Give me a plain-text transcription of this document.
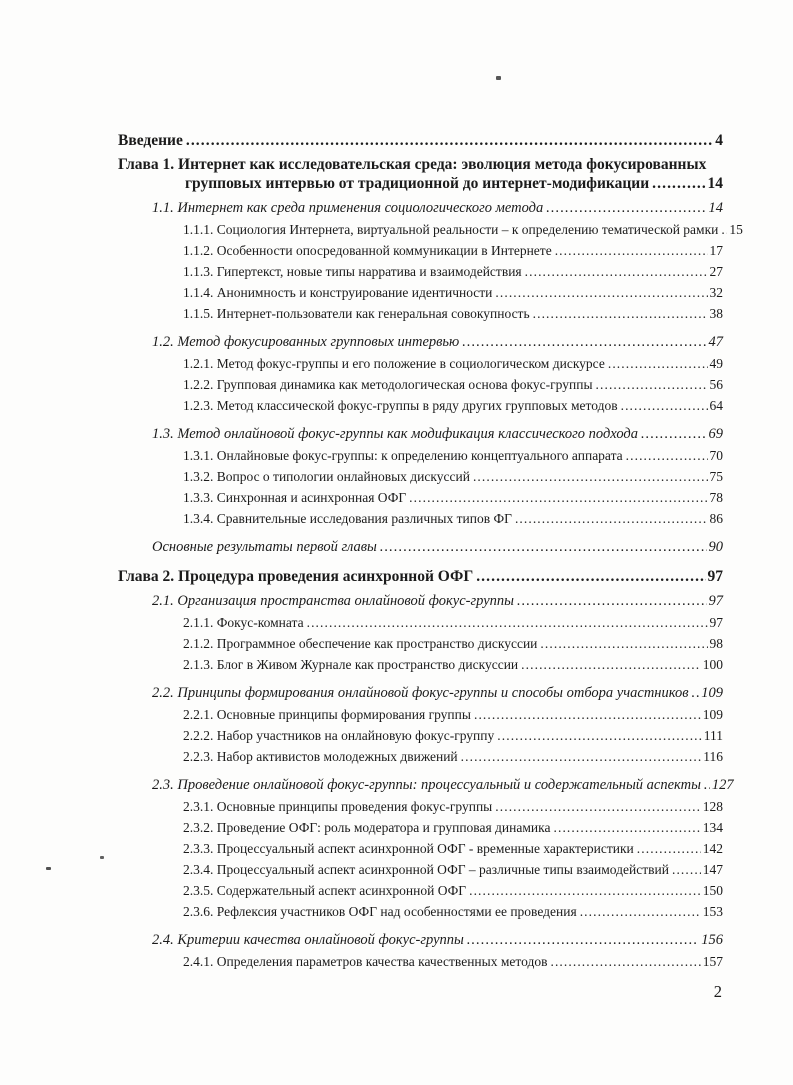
Введение .....	4
Глава 1. Интернет как исследовательская среда: эволюция метода фокусированных
групповых интервью от традиционной до интернет-модификации .....	14
1.1. Интернет как среда применения социологического метода .....	14
1.1.1. Социология Интернета, виртуальной реальности – к определению тематической рамки ..... 15
1.1.2. Особенности опосредованной коммуникации в Интернете .....	17
1.1.3. Гипертекст, новые типы нарратива и взаимодействия .....	27
1.1.4. Анонимность и конструирование идентичности .....	32
1.1.5. Интернет-пользователи как генеральная совокупность .....	38
1.2. Метод фокусированных групповых интервью .....	47
1.2.1. Метод фокус-группы и его положение в социологическом дискурсе .....	49
1.2.2. Групповая динамика как методологическая основа фокус-группы .....	56
1.2.3. Метод классической фокус-группы в ряду других групповых методов .....	64
1.3. Метод онлайновой фокус-группы как модификация классического подхода .....	69
1.3.1. Онлайновые фокус-группы: к определению концептуального аппарата .....	70
1.3.2. Вопрос о типологии онлайновых дискуссий .....	75
1.3.3. Синхронная и асинхронная ОФГ .....	78
1.3.4. Сравнительные исследования различных типов ФГ .....	86
Основные результаты первой главы .....	90
Глава 2. Процедура проведения асинхронной ОФГ .....	97
2.1. Организация пространства онлайновой фокус-группы .....	97
2.1.1. Фокус-комната .....	97
2.1.2. Программное обеспечение как пространство дискуссии .....	98
2.1.3. Блог в Живом Журнале как пространство дискуссии .....	100
2.2. Принципы формирования онлайновой фокус-группы и способы отбора участников ..... 109
2.2.1. Основные принципы формирования группы .....	109
2.2.2. Набор участников на онлайновую фокус-группу .....	111
2.2.3. Набор активистов молодежных движений .....	116
2.3. Проведение онлайновой фокус-группы: процессуальный и содержательный аспекты ..... 127
2.3.1. Основные принципы проведения фокус-группы .....	128
2.3.2. Проведение ОФГ: роль модератора и групповая динамика .....	134
2.3.3. Процессуальный аспект асинхронной ОФГ - временные характеристики .....	142
2.3.4. Процессуальный аспект асинхронной ОФГ – различные типы взаимодействий .....	147
2.3.5. Содержательный аспект асинхронной ОФГ .....	150
2.3.6. Рефлексия участников ОФГ над особенностями ее проведения .....	153
2.4. Критерии качества онлайновой фокус-группы .....	156
2.4.1. Определения параметров качества качественных методов .....	157
2
